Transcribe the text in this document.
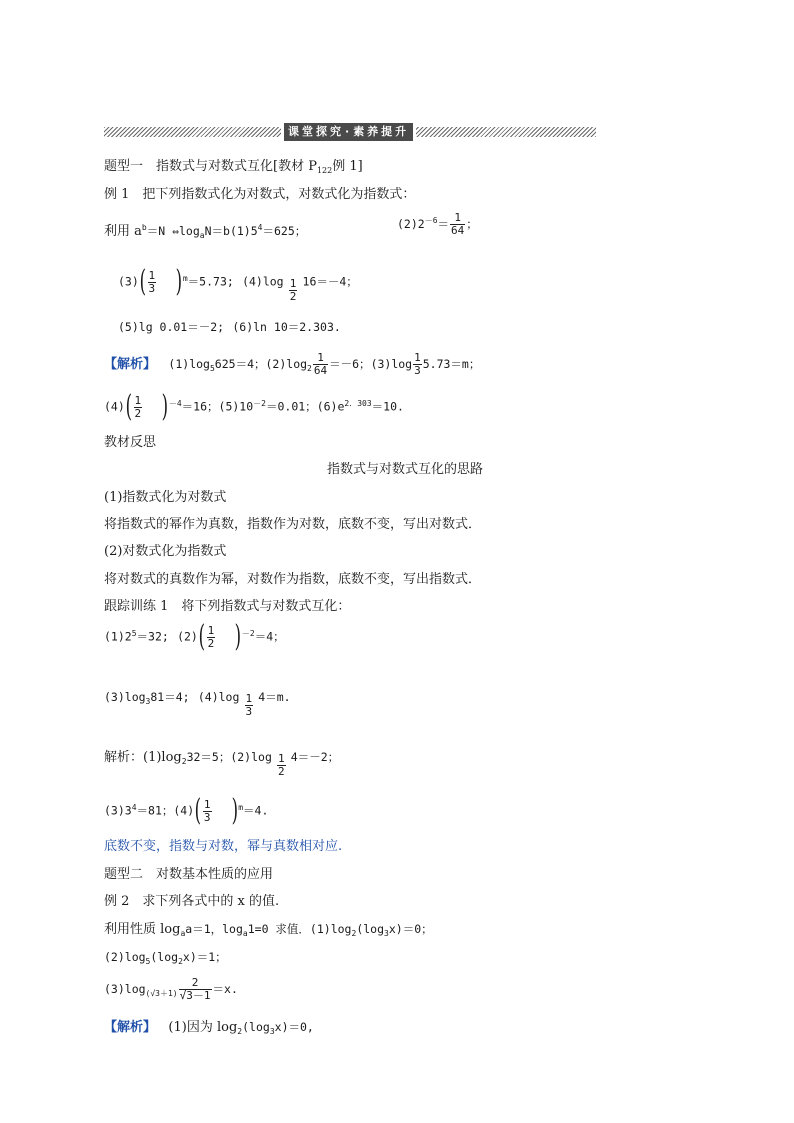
课堂探究·素养提升
题型一　指数式与对数式互化[教材 $P_{122}$例 1]
例 1　把下列指数式化为对数式，对数式化为指数式：
利用 $a^b=N$ $\Leftrightarrow\log_aN=b(1)5^4=625$；	$(2)2^{-6}= \frac{1}{64}$ ；
$(3)( \frac{1}{3} )^m=5.73$; $(4)\log \frac{1}{2} 16=-4$；
(5)lg 0.01＝－2; (6)ln 10＝2.303.
【解析】 $(1)\log_5625=4$；$(2)\log_2 \frac{1}{64} =-6$；$(3)\log \frac{1}{3} 5.73=m$；
$(4)( \frac{1}{2} )^{-4}=16$；$(5)10^{-2}=0.01$；$(6)e^{2.303}=10$.
教材反思
指数式与对数式互化的思路
(1)指数式化为对数式
将指数式的幂作为真数，指数作为对数，底数不变，写出对数式．
(2)对数式化为指数式
将对数式的真数作为幂，对数作为指数，底数不变，写出指数式．
跟踪训练 1　将下列指数式与对数式互化：
$(1)2^5=32$; $(2)( \frac{1}{2} )^{-2}=4$；
$(3)\log_381=4$; $(4)\log \frac{1}{3} 4=m$.
解析：$(1)\log_232=5$；$(2)\log \frac{1}{2} 4=-2$；
$(3)3^4=81$；$(4)( \frac{1}{3} )^m=4$.
底数不变，指数与对数，幂与真数相对应.
题型二　对数基本性质的应用
例 2　求下列各式中的 x 的值.
利用性质 $\log_aa=1$，$\log_a1=0$ 求值．$(1)\log_2(\log_3x)=0$；
$(2)\log_5(\log_2x)=1$；
$(3)\log_{(√3+1)} \frac{2}{√3-1} =x$.
【解析】 (1)因为 $\log_2(\log_3x)=0$,
